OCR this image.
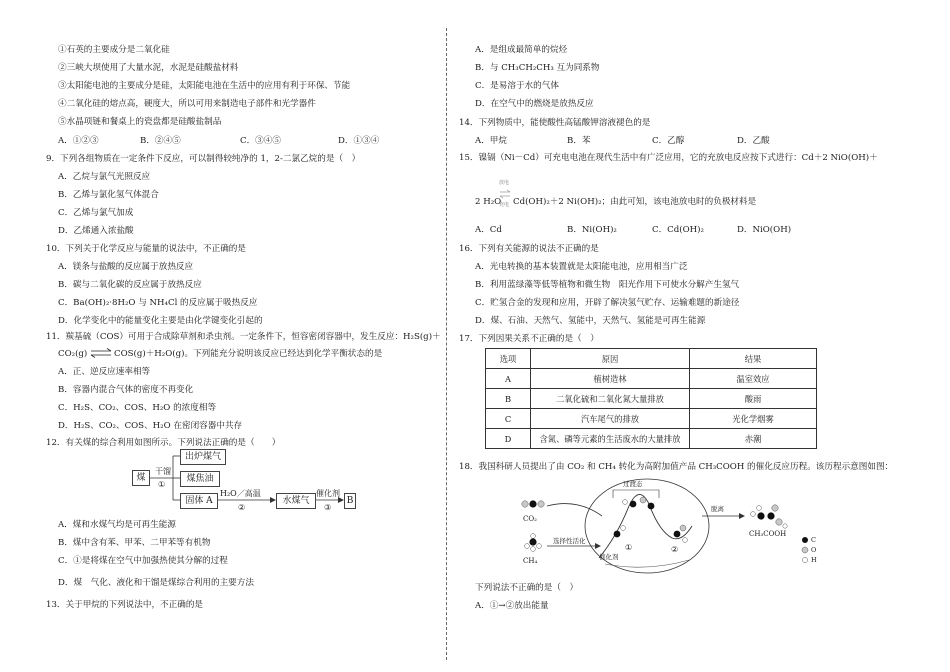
①石英的主要成分是二氧化硅
②三峡大坝使用了大量水泥，水泥是硅酸盐材料
③太阳能电池的主要成分是硅，太阳能电池在生活中的应用有利于环保、节能
④二氧化硅的熔点高，硬度大，所以可用来制造电子部件和光学器件
⑤水晶项链和餐桌上的瓷盘都是硅酸盐制品
A．①②③	B．②④⑤	C．③④⑤	D．①③④
9．下列各组物质在一定条件下反应，可以制得较纯净的 1，2-二氯乙烷的是（　）
A．乙烷与氯气光照反应
B．乙烯与氯化氢气体混合
C．乙烯与氯气加成
D．乙烯通入浓盐酸
10．下列关于化学反应与能量的说法中，不正确的是
A．镁条与盐酸的反应属于放热反应
B．碳与二氧化碳的反应属于放热反应
C．Ba(OH)₂·8H₂O 与 NH₄Cl 的反应属于吸热反应
D．化学变化中的能量变化主要是由化学键变化引起的
11．羰基硫（COS）可用于合成除草剂和杀虫剂。一定条件下，恒容密闭容器中，发生反应：H₂S(g)＋
CO₂(g) ⇌ COS(g)＋H₂O(g)。下列能充分说明该反应已经达到化学平衡状态的是
A．正、逆反应速率相等
B．容器内混合气体的密度不再变化
C．H₂S、CO₂、COS、H₂O 的浓度相等
D．H₂S、CO₂、COS、H₂O 在密闭容器中共存
12．有关煤的综合利用如图所示。下列说法正确的是（　　）
煤
干馏
①
出炉煤气
煤焦油
固体 A
H₂O／高温
②
水煤气
催化剂
③
B
A．煤和水煤气均是可再生能源
B．煤中含有苯、甲苯、二甲苯等有机物
C．①是将煤在空气中加强热使其分解的过程
D．煤　气化、液化和干馏是煤综合利用的主要方法
13．关于甲烷的下列说法中，不正确的是
A．是组成最简单的烷烃
B．与 CH₃CH₂CH₃ 互为同系物
C．是易溶于水的气体
D．在空气中的燃烧是放热反应
14．下列物质中，能使酸性高锰酸钾溶液褪色的是
A．甲烷	B．苯	C．乙醇	D．乙酸
15．镍镉（Ni－Cd）可充电电池在现代生活中有广泛应用，它的充放电反应按下式进行：Cd＋2 NiO(OH)＋
2 H₂O
放电
充电 Cd(OH)₂＋2 Ni(OH)₂；由此可知，该电池放电时的负极材料是
A．Cd	B．Ni(OH)₂	C．Cd(OH)₂	D．NiO(OH)
16．下列有关能源的说法不正确的是
A．光电转换的基本装置就是太阳能电池，应用相当广泛
B．利用蓝绿藻等低等植物和微生物　阳光作用下可使水分解产生氢气
C．贮氢合金的发现和应用，开辟了解决氢气贮存、运输难题的新途径
D．煤、石油、天然气、氢能中，天然气、氢能是可再生能源
17．下列因果关系不正确的是（　）
选项	原因	结果
A	植树造林	温室效应
B	二氧化硫和二氧化氮大量排放	酸雨
C	汽车尾气的排放	光化学烟雾
D	含氮、磷等元素的生活废水的大量排放	赤潮
18．我国科研人员提出了由 CO₂ 和 CH₄ 转化为高附加值产品 CH₃COOH 的催化反应历程。该历程示意图如图：
CO₂
CH₄
过渡态
选择性活化
催化剂
①	②
脱离
CH₃COOH
C
O
H
下列说法不正确的是（　）
A．①→②放出能量
